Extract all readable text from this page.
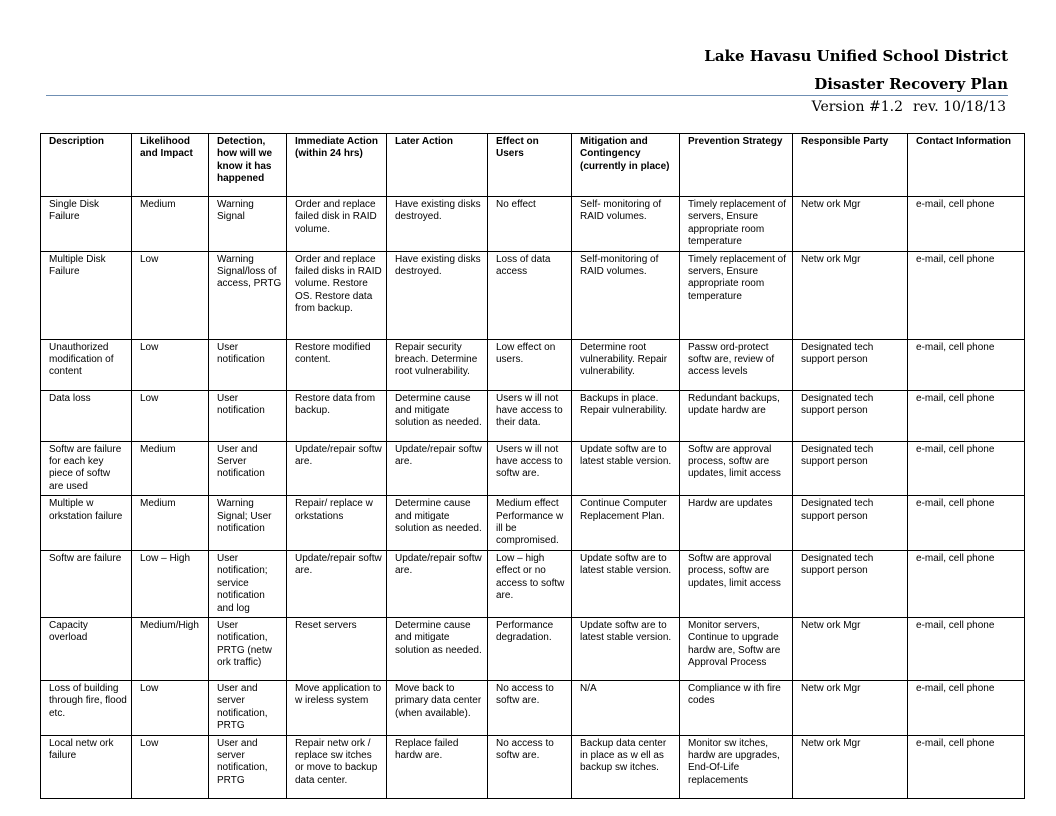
Lake Havasu Unified School District
Disaster Recovery Plan
Version #1.2 rev. 10/18/13
Description	Likelihood and Impact	Detection, how will we know it has happened	Immediate Action (within 24 hrs)	Later Action	Effect on Users	Mitigation and Contingency (currently in place)	Prevention Strategy	Responsible Party	Contact Information
Single Disk Failure	Medium	Warning Signal	Order and replace failed disk in RAID volume.	Have existing disks destroyed.	No effect	Self- monitoring of RAID volumes.	Timely replacement of servers, Ensure appropriate room temperature	Netw ork Mgr	e-mail, cell phone
Multiple Disk Failure	Low	Warning Signal/loss of access, PRTG	Order and replace failed disks in RAID volume. Restore OS. Restore data from backup.	Have existing disks destroyed.	Loss of data access	Self-monitoring of RAID volumes.	Timely replacement of servers, Ensure appropriate room temperature	Netw ork Mgr	e-mail, cell phone
Unauthorized modification of content	Low	User notification	Restore modified content.	Repair security breach. Determine root vulnerability.	Low effect on users.	Determine root vulnerability. Repair vulnerability.	Passw ord-protect softw are, review of access levels	Designated tech support person	e-mail, cell phone
Data loss	Low	User notification	Restore data from backup.	Determine cause and mitigate solution as needed.	Users w ill not have access to their data.	Backups in place. Repair vulnerability.	Redundant backups, update hardw are	Designated tech support person	e-mail, cell phone
Softw are failure for each key piece of softw are used	Medium	User and Server notification	Update/repair softw are.	Update/repair softw are.	Users w ill not have access to softw are.	Update softw are to latest stable version.	Softw are approval process, softw are updates, limit access	Designated tech support person	e-mail, cell phone
Multiple w orkstation failure	Medium	Warning Signal; User notification	Repair/ replace w orkstations	Determine cause and mitigate solution as needed.	Medium effect Performance w ill be compromised.	Continue Computer Replacement Plan.	Hardw are updates	Designated tech support person	e-mail, cell phone
Softw are failure	Low – High	User notification; service notification and log	Update/repair softw are.	Update/repair softw are.	Low – high effect or no access to softw are.	Update softw are to latest stable version.	Softw are approval process, softw are updates, limit access	Designated tech support person	e-mail, cell phone
Capacity overload	Medium/High	User notification, PRTG (netw ork traffic)	Reset servers	Determine cause and mitigate solution as needed.	Performance degradation.	Update softw are to latest stable version.	Monitor servers, Continue to upgrade hardw are, Softw are Approval Process	Netw ork Mgr	e-mail, cell phone
Loss of building through fire, flood etc.	Low	User and server notification, PRTG	Move application to w ireless system	Move back to primary data center (when available).	No access to softw are.	N/A	Compliance w ith fire codes	Netw ork Mgr	e-mail, cell phone
Local netw ork failure	Low	User and server notification, PRTG	Repair netw ork / replace sw itches or move to backup data center.	Replace failed hardw are.	No access to softw are.	Backup data center in place as w ell as backup sw itches.	Monitor sw itches, hardw are upgrades, End-Of-Life replacements	Netw ork Mgr	e-mail, cell phone
